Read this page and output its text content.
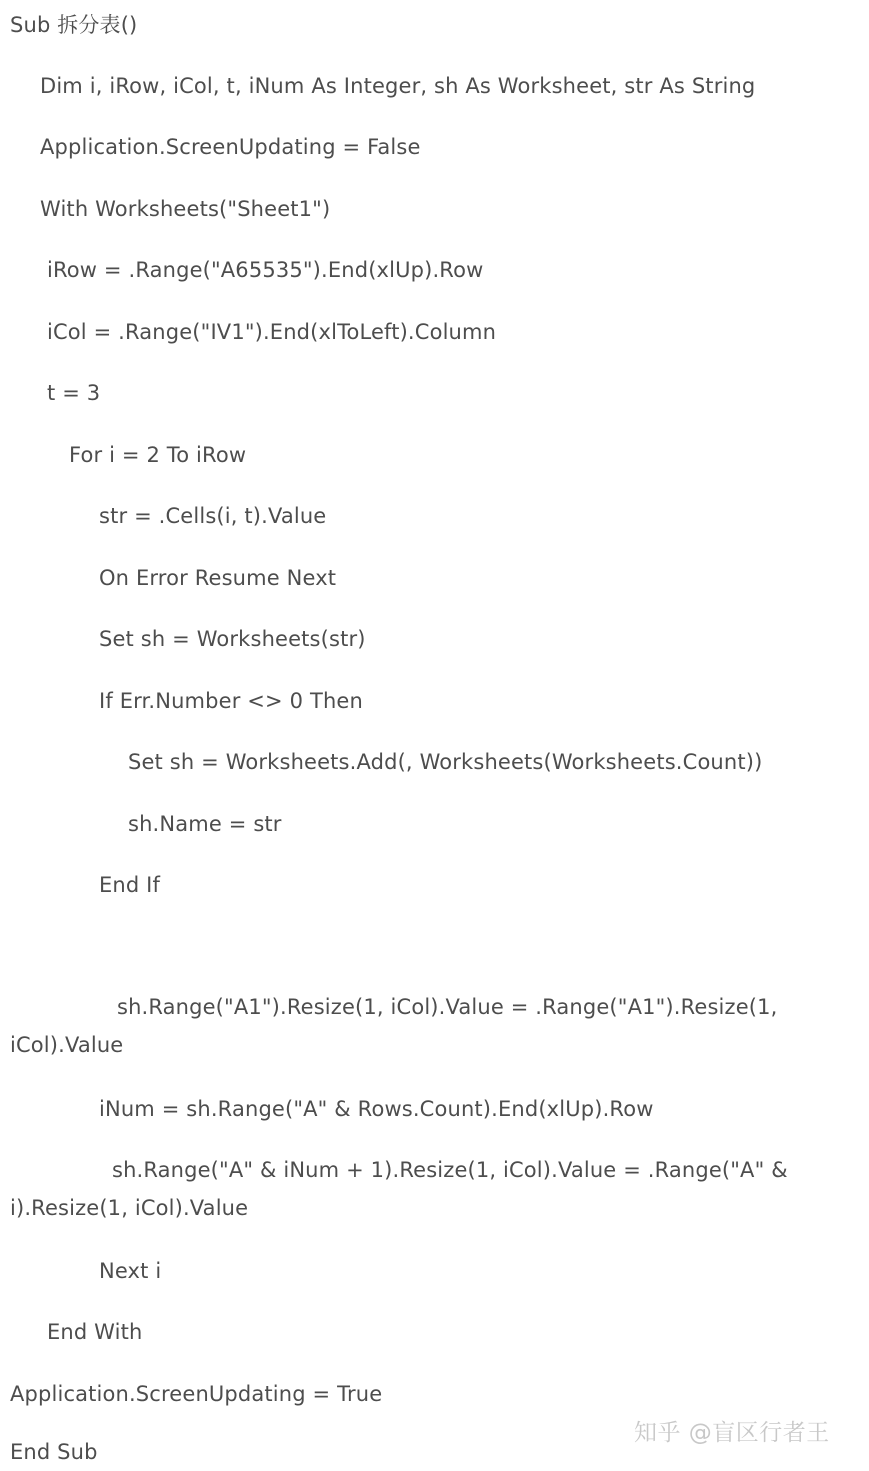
Sub 拆分表()
Dim i, iRow, iCol, t, iNum As Integer, sh As Worksheet, str As String
Application.ScreenUpdating = False
With Worksheets("Sheet1")
iRow = .Range("A65535").End(xlUp).Row
iCol = .Range("IV1").End(xlToLeft).Column
t = 3
For i = 2 To iRow
str = .Cells(i, t).Value
On Error Resume Next
Set sh = Worksheets(str)
If Err.Number <> 0 Then
Set sh = Worksheets.Add(, Worksheets(Worksheets.Count))
sh.Name = str
End If
sh.Range("A1").Resize(1, iCol).Value = .Range("A1").Resize(1, iCol).Value
iNum = sh.Range("A" & Rows.Count).End(xlUp).Row
sh.Range("A" & iNum + 1).Resize(1, iCol).Value = .Range("A" & i).Resize(1, iCol).Value
Next i
End With
Application.ScreenUpdating = True
End Sub
知乎 @盲区行者王
